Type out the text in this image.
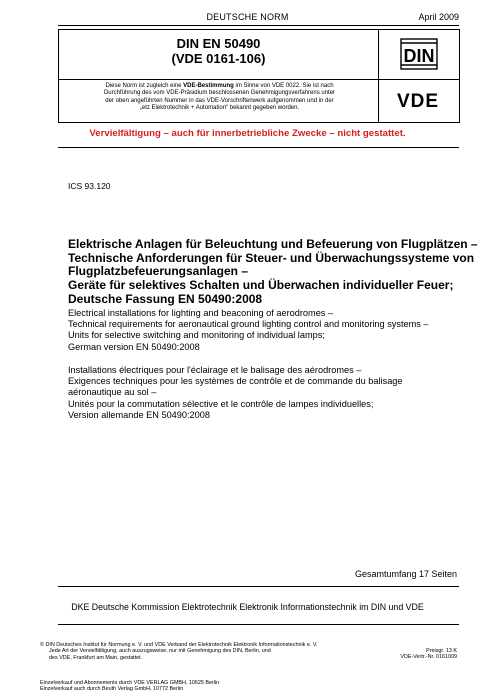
DEUTSCHE NORM	April 2009
DIN EN 50490
(VDE 0161-106)	DIN
Diese Norm ist zugleich eine VDE-Bestimmung im Sinne von VDE 0022. Sie ist nach
Durchführung des vom VDE-Präsidium beschlossenen Genehmigungsverfahrens unter
der oben angeführten Nummer in das VDE-Vorschriftenwerk aufgenommen und in der
„etz Elektrotechnik + Automation“ bekannt gegeben worden.	VDE
Vervielfältigung – auch für innerbetriebliche Zwecke – nicht gestattet.
ICS 93.120
Elektrische Anlagen für Beleuchtung und Befeuerung von Flugplätzen –
Technische Anforderungen für Steuer- und Überwachungssysteme von
Flugplatzbefeuerungsanlagen –
Geräte für selektives Schalten und Überwachen individueller Feuer;
Deutsche Fassung EN 50490:2008
Electrical installations for lighting and beaconing of aerodromes –
Technical requirements for aeronautical ground lighting control and monitoring systems –
Units for selective switching and monitoring of individual lamps;
German version EN 50490:2008
Installations électriques pour l'éclairage et le balisage des aérodromes –
Exigences techniques pour les systèmes de contrôle et de commande du balisage
aéronautique au sol –
Unités pour la commutation sélective et le contrôle de lampes individuelles;
Version allemande EN 50490:2008
Gesamtumfang 17 Seiten
DKE Deutsche Kommission Elektrotechnik Elektronik Informationstechnik im DIN und VDE
© DIN Deutsches Institut für Normung e. V. und VDE Verband der Elektrotechnik Elektronik Informationstechnik e. V.
Jede Art der Vervielfältigung, auch auszugsweise, nur mit Genehmigung des DIN, Berlin, und
des VDE, Frankfurt am Main, gestattet.
Preisgr. 13 K
VDE-Vertr.-Nr. 0161009
Einzelverkauf und Abonnements durch VDE VERLAG GMBH, 10625 Berlin
Einzelverkauf auch durch Beuth Verlag GmbH, 10772 Berlin
